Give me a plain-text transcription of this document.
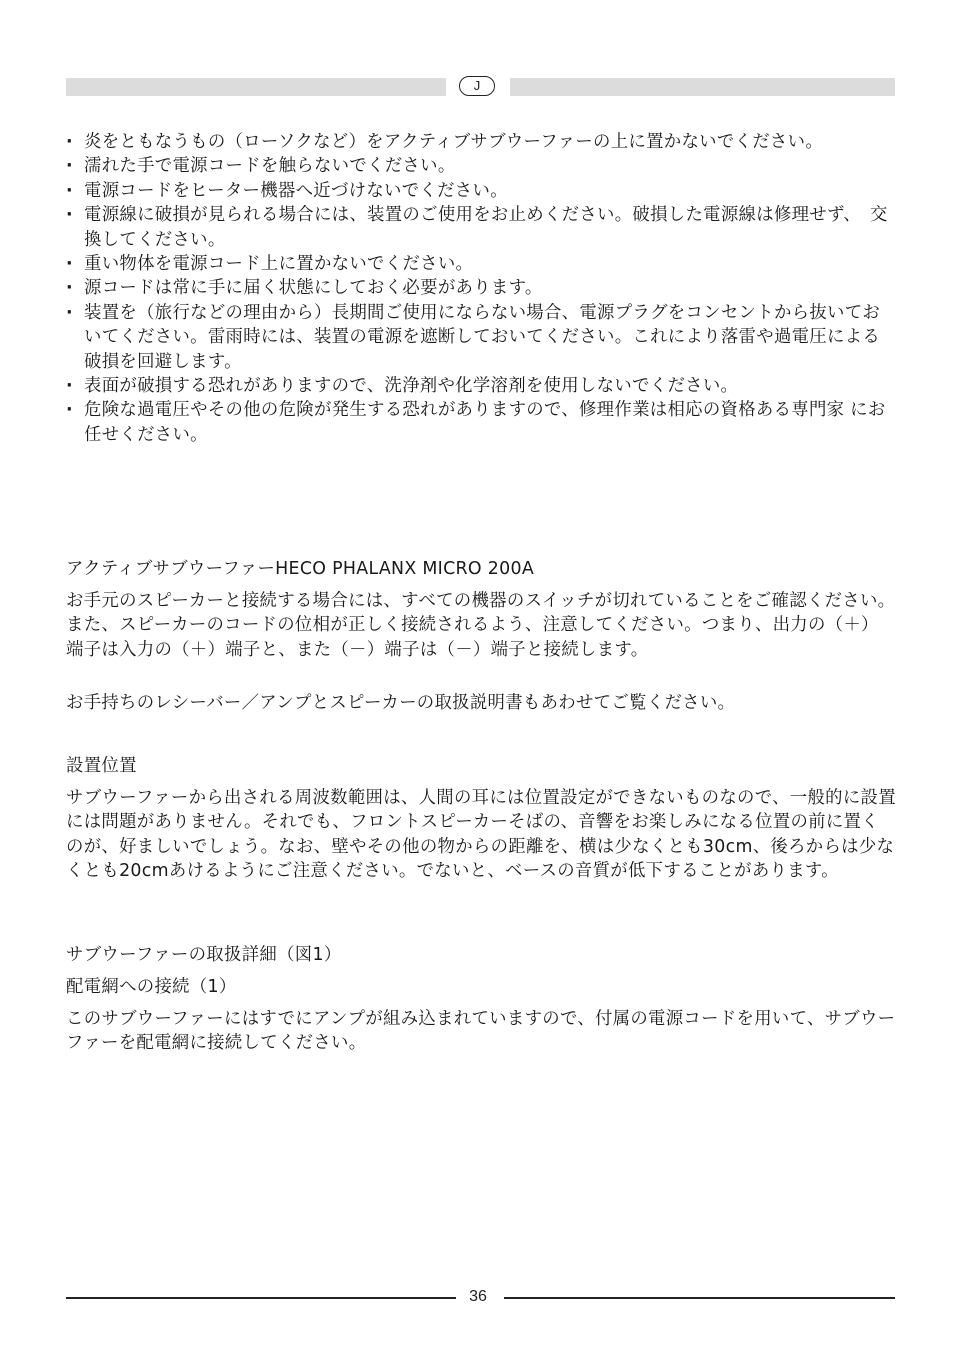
J
· 炎をともなうもの（ローソクなど）をアクティブサブウーファーの上に置かないでください。
· 濡れた手で電源コードを触らないでください。
· 電源コードをヒーター機器へ近づけないでください。
· 電源線に破損が見られる場合には、装置のご使用をお止めください。破損した電源線は修理せず、　交換してください。
· 重い物体を電源コード上に置かないでください。
· 源コードは常に手に届く状態にしておく必要があります。
· 装置を（旅行などの理由から）長期間ご使用にならない場合、電源プラグをコンセントから抜いておいてください。雷雨時には、装置の電源を遮断しておいてください。これにより落雷や過電圧による破損を回避します。
· 表面が破損する恐れがありますので、洗浄剤や化学溶剤を使用しないでください。
· 危険な過電圧やその他の危険が発生する恐れがありますので、修理作業は相応の資格ある専門家 にお任せください。

アクティブサブウーファーHECO PHALANX MICRO 200A

お手元のスピーカーと接続する場合には、すべての機器のスイッチが切れていることをご確認ください。また、スピーカーのコードの位相が正しく接続されるよう、注意してください。つまり、出力の（＋）端子は入力の（＋）端子と、また（－）端子は（－）端子と接続します。

お手持ちのレシーバー／アンプとスピーカーの取扱説明書もあわせてご覧ください。

設置位置

サブウーファーから出される周波数範囲は、人間の耳には位置設定ができないものなので、一般的に設置には問題がありません。それでも、フロントスピーカーそばの、音響をお楽しみになる位置の前に置くのが、好ましいでしょう。なお、壁やその他の物からの距離を、横は少なくとも30cm、後ろからは少なくとも20cmあけるようにご注意ください。でないと、ベースの音質が低下することがあります。

サブウーファーの取扱詳細（図1）

配電網への接続（1）

このサブウーファーにはすでにアンプが組み込まれていますので、付属の電源コードを用いて、サブウーファーを配電網に接続してください。

36
